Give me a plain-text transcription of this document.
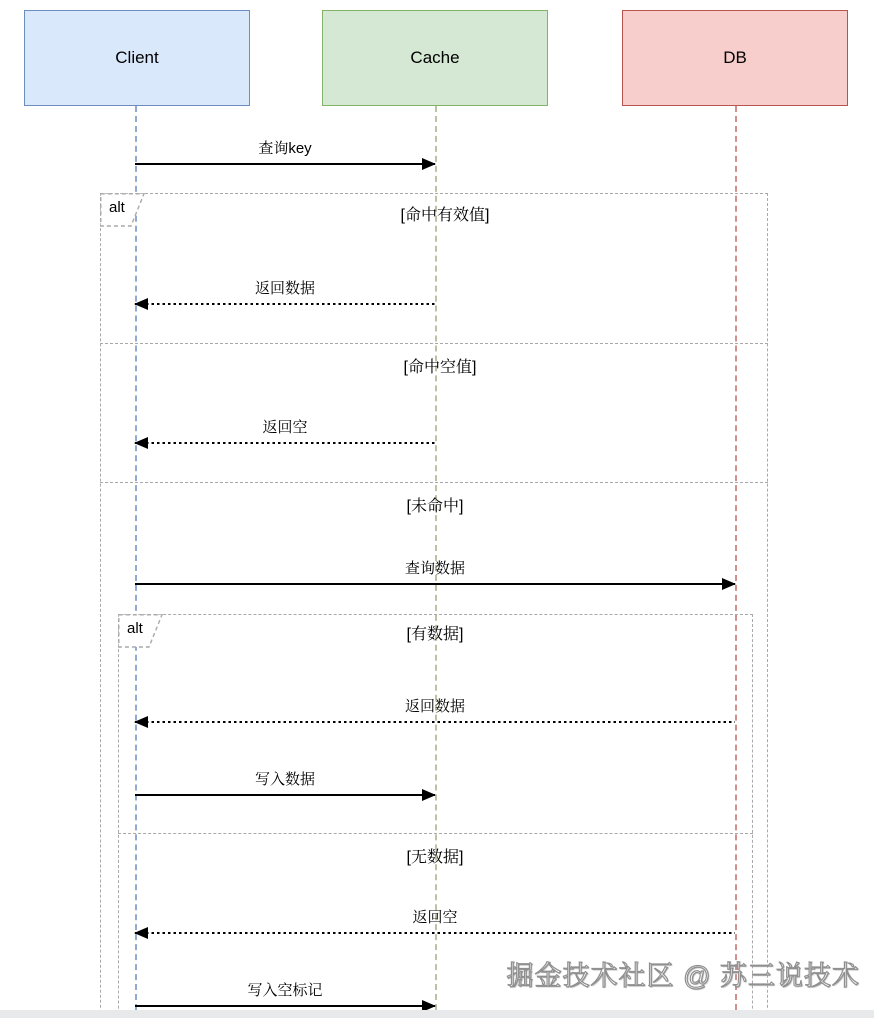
Client	Cache	DB
alt
alt
[命中有效值]
[命中空值]
[未命中]
[有数据]
[无数据]
查询key
返回数据
返回空
查询数据
返回数据
写入数据
返回空
写入空标记	掘金技术社区 @ 苏三说技术
